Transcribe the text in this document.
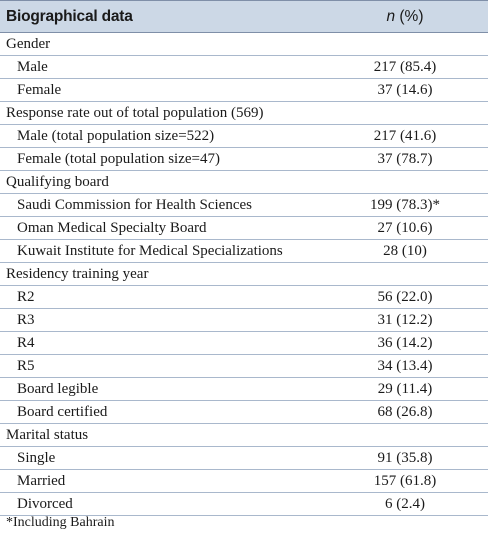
Biographical data	n (%)
Gender
Male	217 (85.4)
Female	37 (14.6)
Response rate out of total population (569)
Male (total population size=522)	217 (41.6)
Female (total population size=47)	37 (78.7)
Qualifying board
Saudi Commission for Health Sciences	199 (78.3)*
Oman Medical Specialty Board	27 (10.6)
Kuwait Institute for Medical Specializations	28 (10)
Residency training year
R2	56 (22.0)
R3	31 (12.2)
R4	36 (14.2)
R5	34 (13.4)
Board legible	29 (11.4)
Board certified	68 (26.8)
Marital status
Single	91 (35.8)
Married	157 (61.8)
Divorced	6 (2.4)
*Including Bahrain
